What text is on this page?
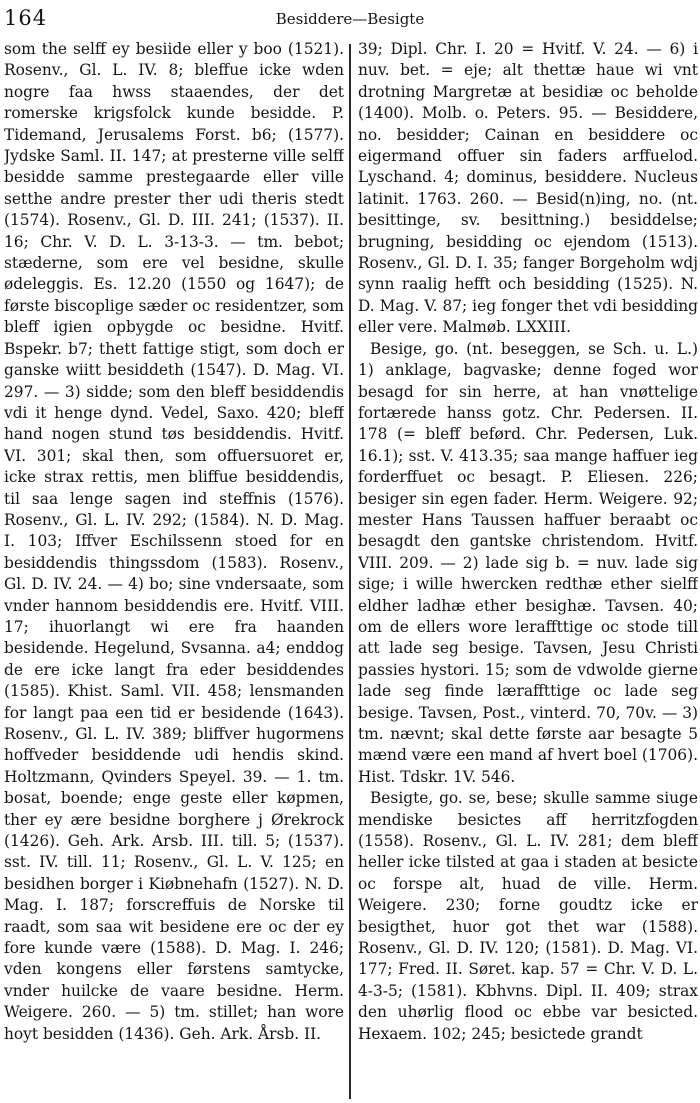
164	Besiddere—Besigte

som the selff ey besiide eller y boo (1521). Rosenv., Gl. L. IV. 8; bleffue icke wden nogre faa hwss staaendes, der det romerske krigsfolck kunde besidde. P. Tidemand, Jerusalems Forst. b6; (1577). Jydske Saml. II. 147; at presterne ville selff besidde samme prestegaarde eller ville setthe andre prester ther udi theris stedt (1574). Rosenv., Gl. D. III. 241; (1537). II. 16; Chr. V. D. L. 3-13-3. — tm. bebot; stæderne, som ere vel besidne, skulle ødeleggis. Es. 12.20 (1550 og 1647); de første biscoplige sæder oc residentzer, som bleff igien opbygde oc besidne. Hvitf. Bspekr. b7; thett fattige stigt, som doch er ganske wiitt besiddeth (1547). D. Mag. VI. 297. — 3) sidde; som den bleff besiddendis vdi it henge dynd. Vedel, Saxo. 420; bleff hand nogen stund tøs besiddendis. Hvitf. VI. 301; skal then, som offuersuoret er, icke strax rettis, men bliffue besiddendis, til saa lenge sagen ind steffnis (1576). Rosenv., Gl. L. IV. 292; (1584). N. D. Mag. I. 103; Iffver Eschilssenn stoed for en besiddendis thingssdom (1583). Rosenv., Gl. D. IV. 24. — 4) bo; sine vndersaate, som vnder hannom besiddendis ere. Hvitf. VIII. 17; ihuorlangt wi ere fra haanden besidende. Hegelund, Svsanna. a4; enddog de ere icke langt fra eder besiddendes (1585). Khist. Saml. VII. 458; lensmanden for langt paa een tid er besidende (1643). Rosenv., Gl. L. IV. 389; bliffver hugormens hoffveder besiddende udi hendis skind. Holtzmann, Qvinders Speyel. 39. — 1. tm. bosat, boende; enge geste eller køpmen, ther ey ære besidne borghere j Ørekrock (1426). Geh. Ark. Arsb. III. till. 5; (1537). sst. IV. till. 11; Rosenv., Gl. L. V. 125; en besidhen borger i Kiøbnehafn (1527). N. D. Mag. I. 187; forscreffuis de Norske til raadt, som saa wit besidene ere oc der ey fore kunde være (1588). D. Mag. I. 246; vden kongens eller førstens samtycke, vnder huilcke de vaare besidne. Herm. Weigere. 260. — 5) tm. stillet; han wore hoyt besidden (1436). Geh. Ark. Årsb. II.

39; Dipl. Chr. I. 20 = Hvitf. V. 24. — 6) i nuv. bet. = eje; alt thettæ haue wi vnt drotning Margretæ at besidiæ oc beholde (1400). Molb. o. Peters. 95. — Besiddere, no. besidder; Cainan en besiddere oc eigermand offuer sin faders arffuelod. Lyschand. 4; dominus, besiddere. Nucleus latinit. 1763. 260. — Besid(n)ing, no. (nt. besittinge, sv. besittning.) besiddelse; brugning, besidding oc ejendom (1513). Rosenv., Gl. D. I. 35; fanger Borgeholm wdj synn raalig hefft och besidding (1525). N. D. Mag. V. 87; ieg fonger thet vdi besidding eller vere. Malmøb. LXXIII.

Besige, go. (nt. beseggen, se Sch. u. L.) 1) anklage, bagvaske; denne foged wor besagd for sin herre, at han vnøttelige fortærede hanss gotz. Chr. Pedersen. II. 178 (= bleff beførd. Chr. Pedersen, Luk. 16.1); sst. V. 413.35; saa mange haffuer ieg forderffuet oc besagt. P. Eliesen. 226; besiger sin egen fader. Herm. Weigere. 92; mester Hans Taussen haffuer beraabt oc besagdt den gantske christendom. Hvitf. VIII. 209. — 2) lade sig b. = nuv. lade sig sige; i wille hwercken redthæ ether sielff eldher ladhæ ether besighæ. Tavsen. 40; om de ellers wore leraffttige oc stode till att lade seg besige. Tavsen, Jesu Christi passies hystori. 15; som de vdwolde gierne lade seg finde læraffttige oc lade seg besige. Tavsen, Post., vinterd. 70, 70v. — 3) tm. nævnt; skal dette første aar besagte 5 mænd være een mand af hvert boel (1706). Hist. Tdskr. 1V. 546.

Besigte, go. se, bese; skulle samme siuge mendiske besictes aff herritzfogden (1558). Rosenv., Gl. L. IV. 281; dem bleff heller icke tilsted at gaa i staden at besicte oc forspe alt, huad de ville. Herm. Weigere. 230; forne goudtz icke er besigthet, huor got thet war (1588). Rosenv., Gl. D. IV. 120; (1581). D. Mag. VI. 177; Fred. II. Søret. kap. 57 = Chr. V. D. L. 4-3-5; (1581). Kbhvns. Dipl. II. 409; strax den uhørlig flood oc ebbe var besicted. Hexaem. 102; 245; besictede grandt
